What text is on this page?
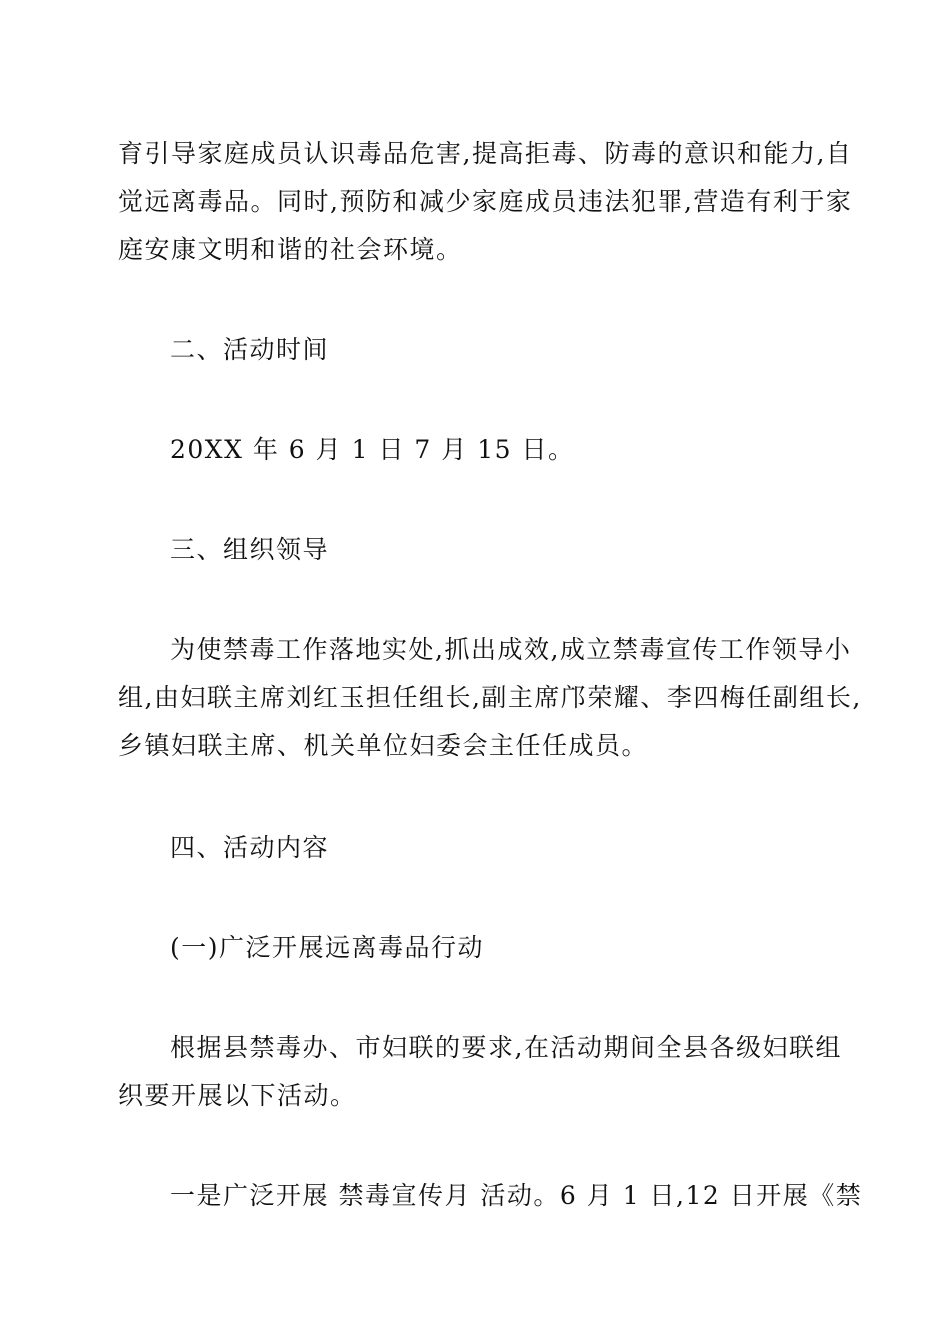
育引导家庭成员认识毒品危害,提高拒毒、防毒的意识和能力,自
觉远离毒品。同时,预防和减少家庭成员违法犯罪,营造有利于家
庭安康文明和谐的社会环境。
二、活动时间
20XX 年 6 月 1 日 7 月 15 日。
三、组织领导
为使禁毒工作落地实处,抓出成效,成立禁毒宣传工作领导小
组,由妇联主席刘红玉担任组长,副主席邝荣耀、李四梅任副组长,
乡镇妇联主席、机关单位妇委会主任任成员。
四、活动内容
(一)广泛开展远离毒品行动
根据县禁毒办、市妇联的要求,在活动期间全县各级妇联组
织要开展以下活动。
一是广泛开展 禁毒宣传月 活动。6 月 1 日,12 日开展《禁
